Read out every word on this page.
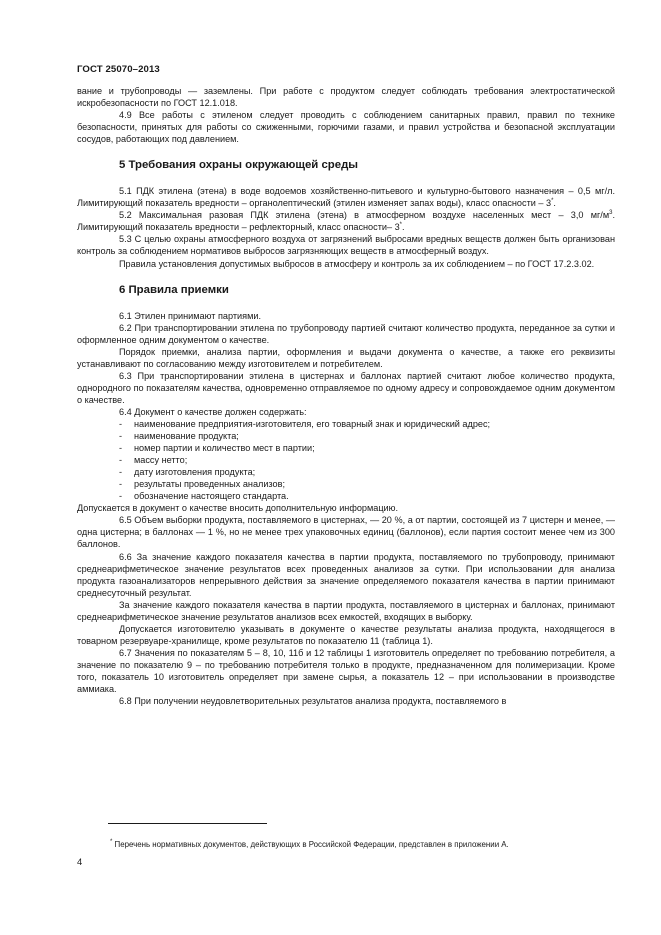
ГОСТ 25070–2013

вание и трубопроводы — заземлены. При работе с продуктом следует соблюдать требования электростатической искробезопасности по ГОСТ 12.1.018.

4.9 Все работы с этиленом следует проводить с соблюдением санитарных правил, правил по технике безопасности, принятых для работы со сжиженными, горючими газами, и правил устройства и безопасной эксплуатации сосудов, работающих под давлением.

5 Требования охраны окружающей среды

5.1 ПДК этилена (этена) в воде водоемов хозяйственно-питьевого и культурно-бытового назначения – 0,5 мг/л. Лимитирующий показатель вредности – органолептический (этилен изменяет запах воды), класс опасности – 3*.

5.2 Максимальная разовая ПДК этилена (этена) в атмосферном воздухе населенных мест – 3,0 $мг/м^3$. Лимитирующий показатель вредности – рефлекторный, класс опасности– 3*.

5.3 С целью охраны атмосферного воздуха от загрязнений выбросами вредных веществ должен быть организован контроль за соблюдением нормативов выбросов загрязняющих веществ в атмосферный воздух.

Правила установления допустимых выбросов в атмосферу и контроль за их соблюдением – по ГОСТ 17.2.3.02.

6 Правила приемки

6.1 Этилен принимают партиями.

6.2 При транспортировании этилена по трубопроводу партией считают количество продукта, переданное за сутки и оформленное одним документом о качестве.

Порядок приемки, анализа партии, оформления и выдачи документа о качестве, а также его реквизиты устанавливают по согласованию между изготовителем и потребителем.

6.3 При транспортировании этилена в цистернах и баллонах партией считают любое количество продукта, однородного по показателям качества, одновременно отправляемое по одному адресу и сопровождаемое одним документом о качестве.

6.4 Документ о качестве должен содержать:

- наименование предприятия-изготовителя, его товарный знак и юридический адрес;

- наименование продукта;

- номер партии и количество мест в партии;

- массу нетто;

- дату изготовления продукта;

- результаты проведенных анализов;

- обозначение настоящего стандарта.

Допускается в документ о качестве вносить дополнительную информацию.

6.5 Объем выборки продукта, поставляемого в цистернах, — 20 %, а от партии, состоящей из 7 цистерн и менее, — одна цистерна; в баллонах — 1 %, но не менее трех упаковочных единиц (баллонов), если партия состоит менее чем из 300 баллонов.

6.6 За значение каждого показателя качества в партии продукта, поставляемого по трубопроводу, принимают среднеарифметическое значение результатов всех проведенных анализов за сутки. При использовании для анализа продукта газоанализаторов непрерывного действия за значение определяемого показателя качества в партии принимают среднесуточный результат.

За значение каждого показателя качества в партии продукта, поставляемого в цистернах и баллонах, принимают среднеарифметическое значение результатов анализов всех емкостей, входящих в выборку.

Допускается изготовителю указывать в документе о качестве результаты анализа продукта, находящегося в товарном резервуаре-хранилище, кроме результатов по показателю 11 (таблица 1).

6.7 Значения по показателям 5 – 8, 10, 11б и 12 таблицы 1 изготовитель определяет по требованию потребителя, а значение по показателю 9 – по требованию потребителя только в продукте, предназначенном для полимеризации. Кроме того, показатель 10 изготовитель определяет при замене сырья, а показатель 12 – при использовании в производстве аммиака.

6.8 При получении неудовлетворительных результатов анализа продукта, поставляемого в

* Перечень нормативных документов, действующих в Российской Федерации, представлен в приложении А.
4
